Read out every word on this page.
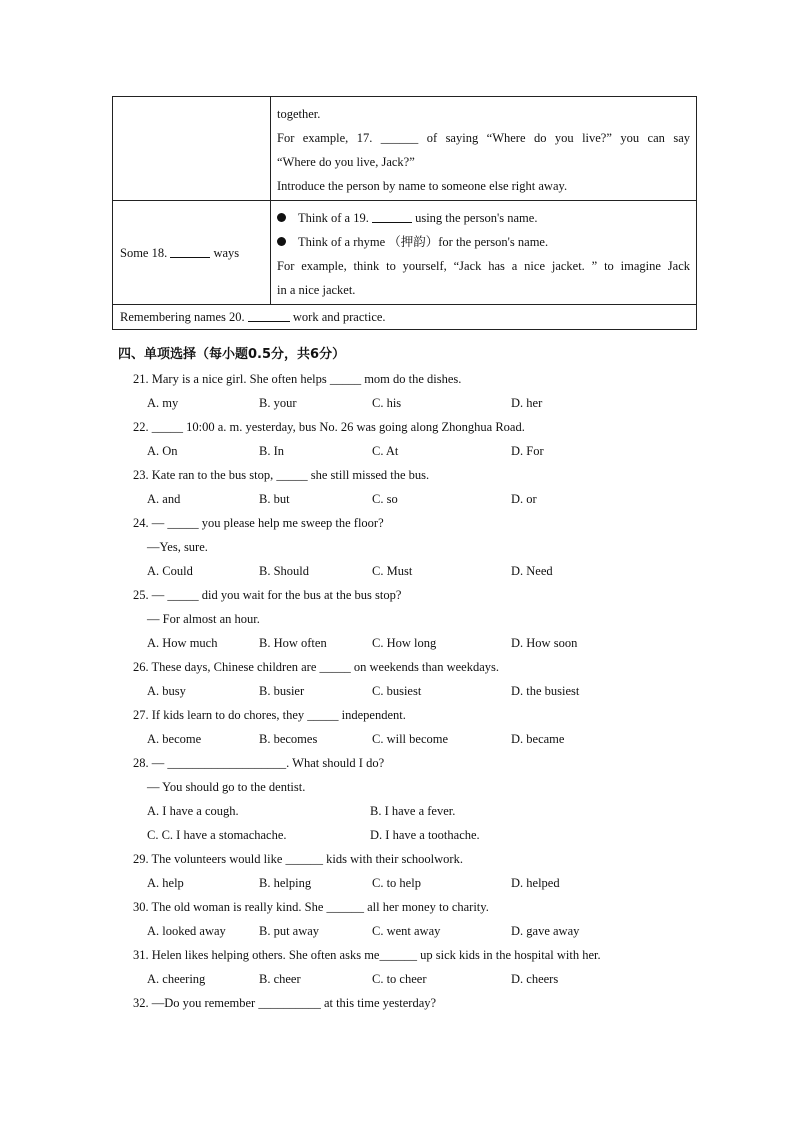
	together.
For example, 17. ______ of saying “Where do you live?” you can say
“Where do you live, Jack?”
Introduce the person by name to someone else right away.

Some 18. ways	Think of a 19. using the person's name.
Think of a rhyme （押韵）for the person's name.
For example, think to yourself, “Jack has a nice jacket. ” to imagine Jack
in a nice jacket.

Remembering names 20. work and practice.	
四、单项选择（每小题0.5分，共6分）
21. Mary is a nice girl. She often helps _____ mom do the dishes.
A. my	B. your	C. his	D. her
22. _____ 10:00 a. m. yesterday, bus No. 26 was going along Zhonghua Road.
A. On	B. In	C. At	D. For
23. Kate ran to the bus stop, _____ she still missed the bus.
A. and	B. but	C. so	D. or
24. — _____ you please help me sweep the floor?
—Yes, sure.
A. Could	B. Should	C. Must	D. Need
25. — _____ did you wait for the bus at the bus stop?
— For almost an hour.
A. How much	B. How often	C. How long	D. How soon
26. These days, Chinese children are _____ on weekends than weekdays.
A. busy	B. busier	C. busiest	D. the busiest
27. If kids learn to do chores, they _____ independent.
A. become	B. becomes	C. will become	D. became
28. — ___________________. What should I do?
— You should go to the dentist.
A. I have a cough.	B. I have a fever.
C. C. I have a stomachache.	D. I have a toothache.
29. The volunteers would like ______ kids with their schoolwork.
A. help	B. helping	C. to help	D. helped
30. The old woman is really kind. She ______ all her money to charity.
A. looked away	B. put away	C. went away	D. gave away
31. Helen likes helping others. She often asks me______ up sick kids in the hospital with her.
A. cheering	B. cheer	C. to cheer	D. cheers
32. —Do you remember __________ at this time yesterday?
